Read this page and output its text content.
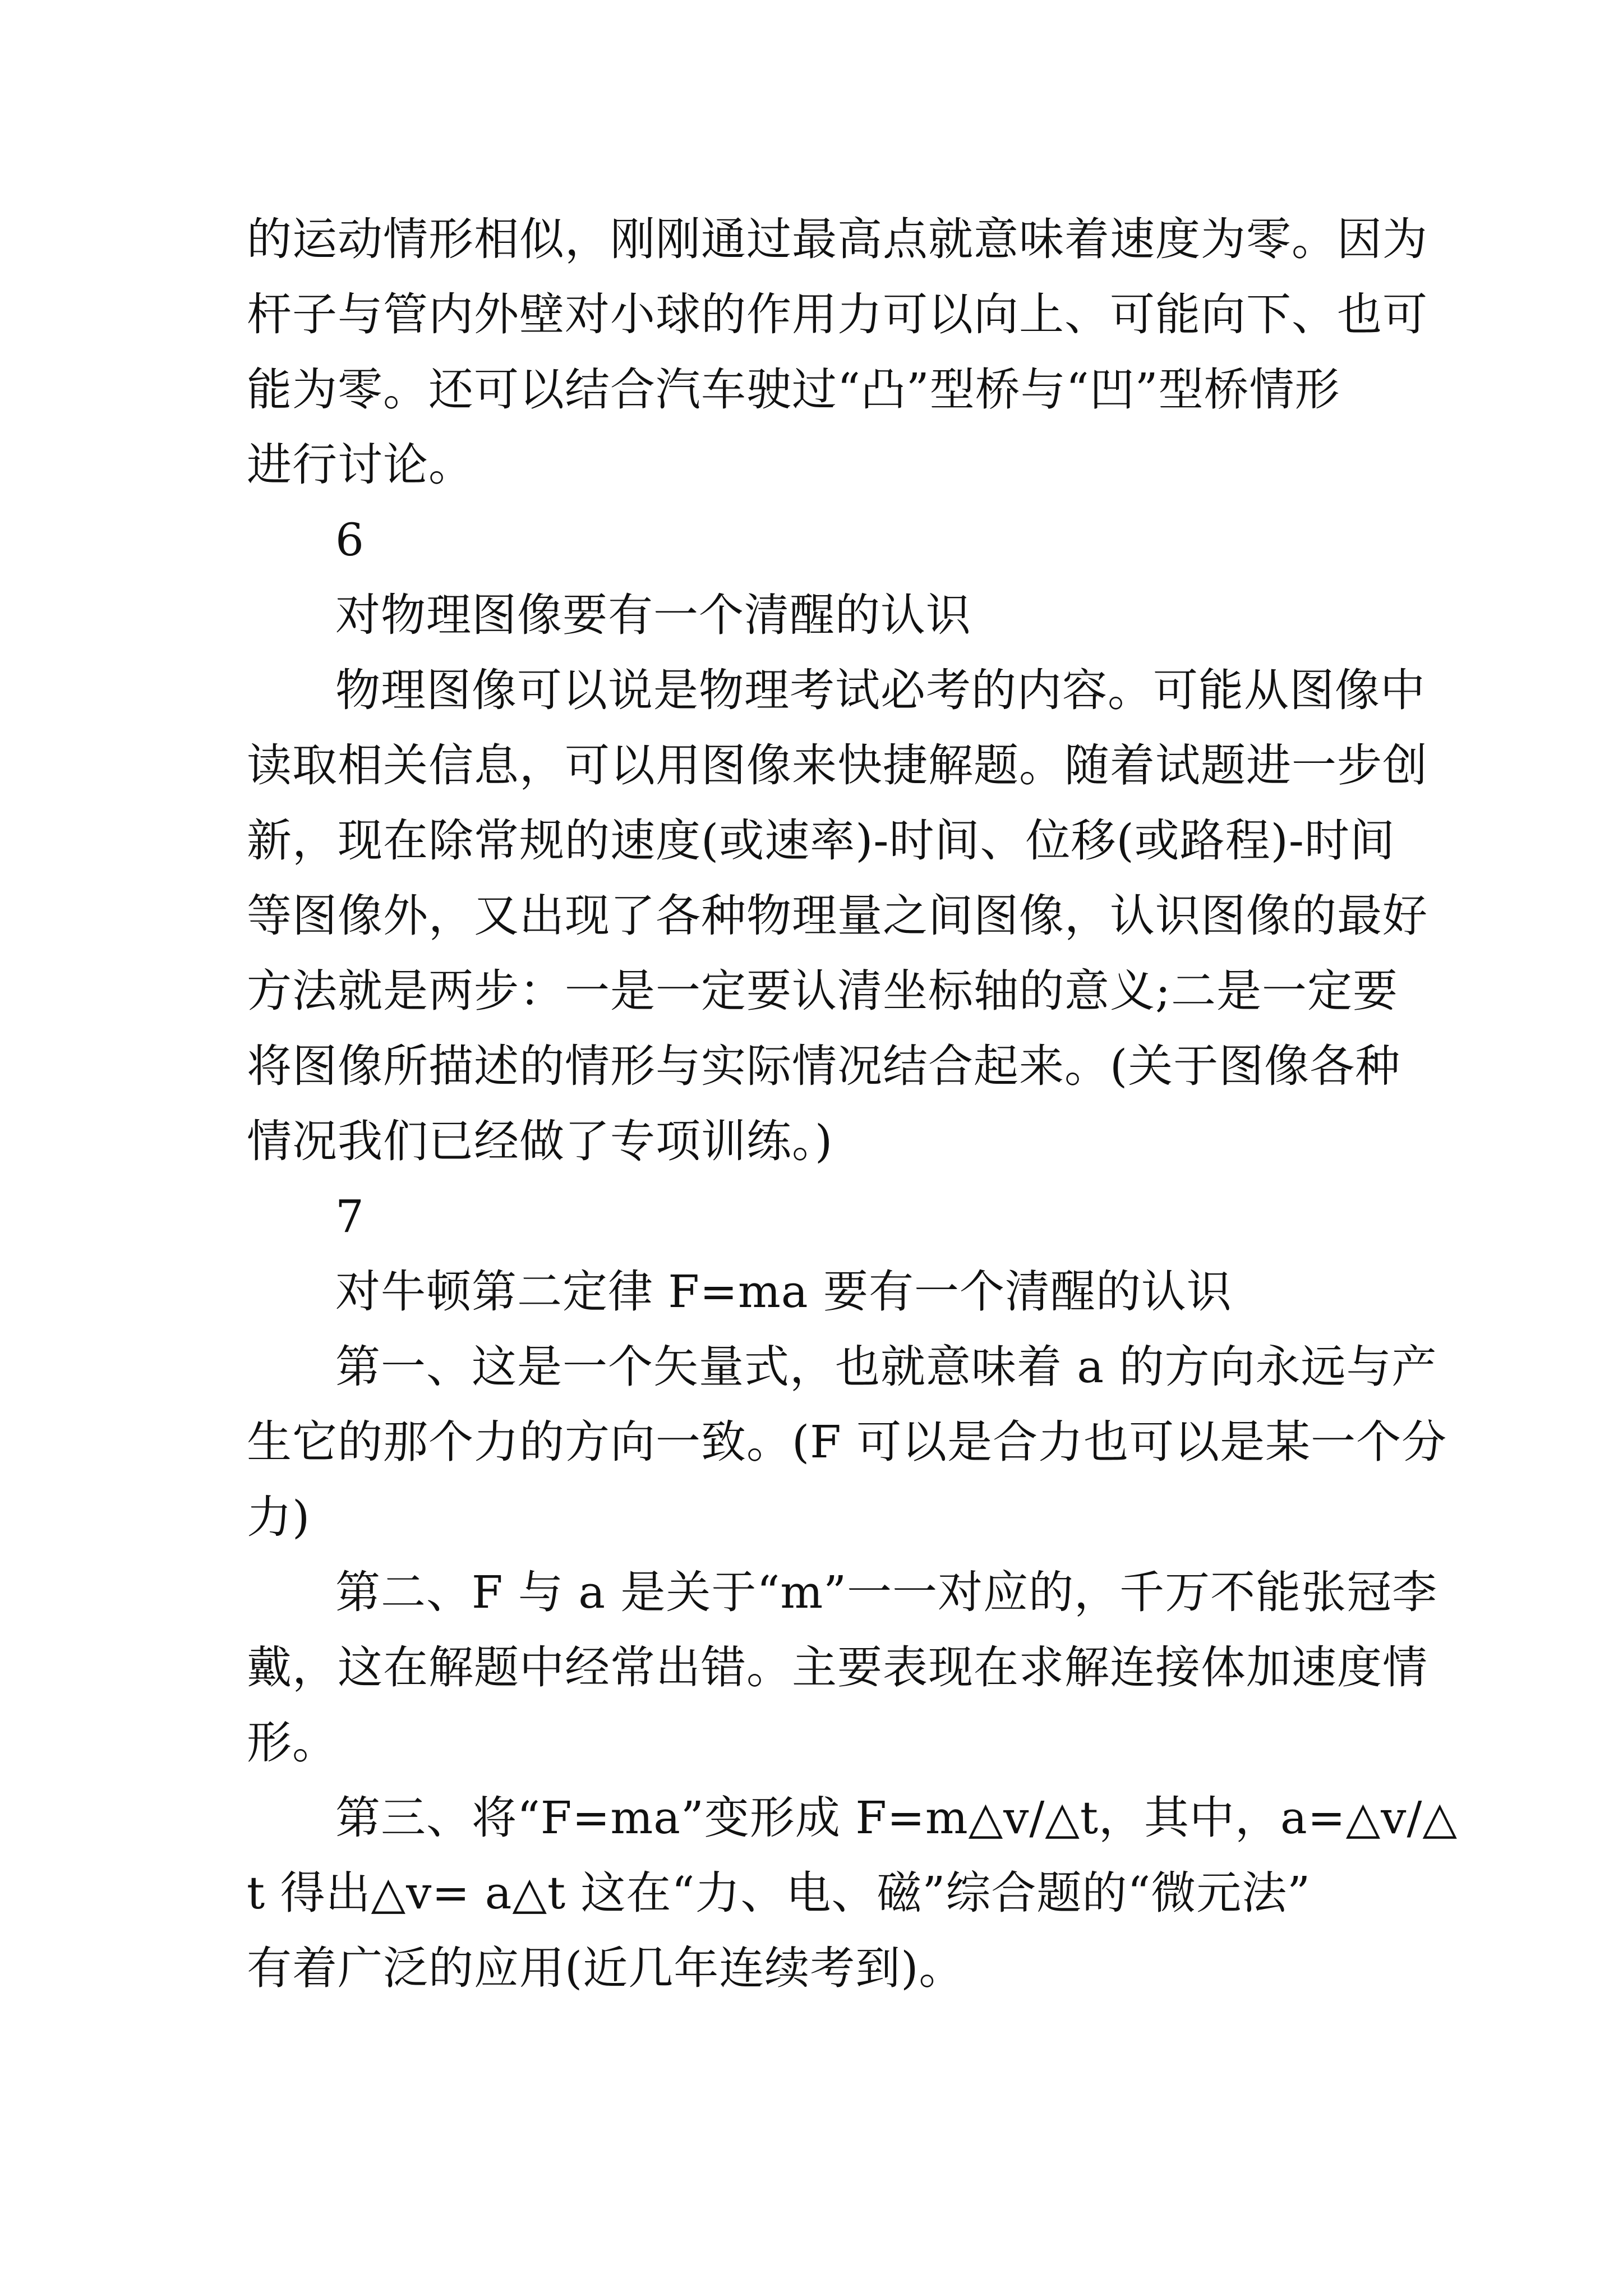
的运动情形相似，刚刚通过最高点就意味着速度为零。因为
杆子与管内外壁对小球的作用力可以向上、可能向下、也可
能为零。还可以结合汽车驶过“凸”型桥与“凹”型桥情形
进行讨论。
6
对物理图像要有一个清醒的认识
物理图像可以说是物理考试必考的内容。可能从图像中
读取相关信息，可以用图像来快捷解题。随着试题进一步创
新，现在除常规的速度(或速率)-时间、位移(或路程)-时间
等图像外，又出现了各种物理量之间图像，认识图像的最好
方法就是两步：一是一定要认清坐标轴的意义;二是一定要
将图像所描述的情形与实际情况结合起来。(关于图像各种
情况我们已经做了专项训练。)
7
对牛顿第二定律 F=ma 要有一个清醒的认识
第一、这是一个矢量式，也就意味着 a 的方向永远与产
生它的那个力的方向一致。(F 可以是合力也可以是某一个分
力)
第二、F 与 a 是关于“m”一一对应的，千万不能张冠李
戴，这在解题中经常出错。主要表现在求解连接体加速度情
形。
第三、将“F=ma”变形成 F=m△v/△t，其中，a=△v/△
t 得出△v= a△t 这在“力、电、磁”综合题的“微元法”
有着广泛的应用(近几年连续考到)。
